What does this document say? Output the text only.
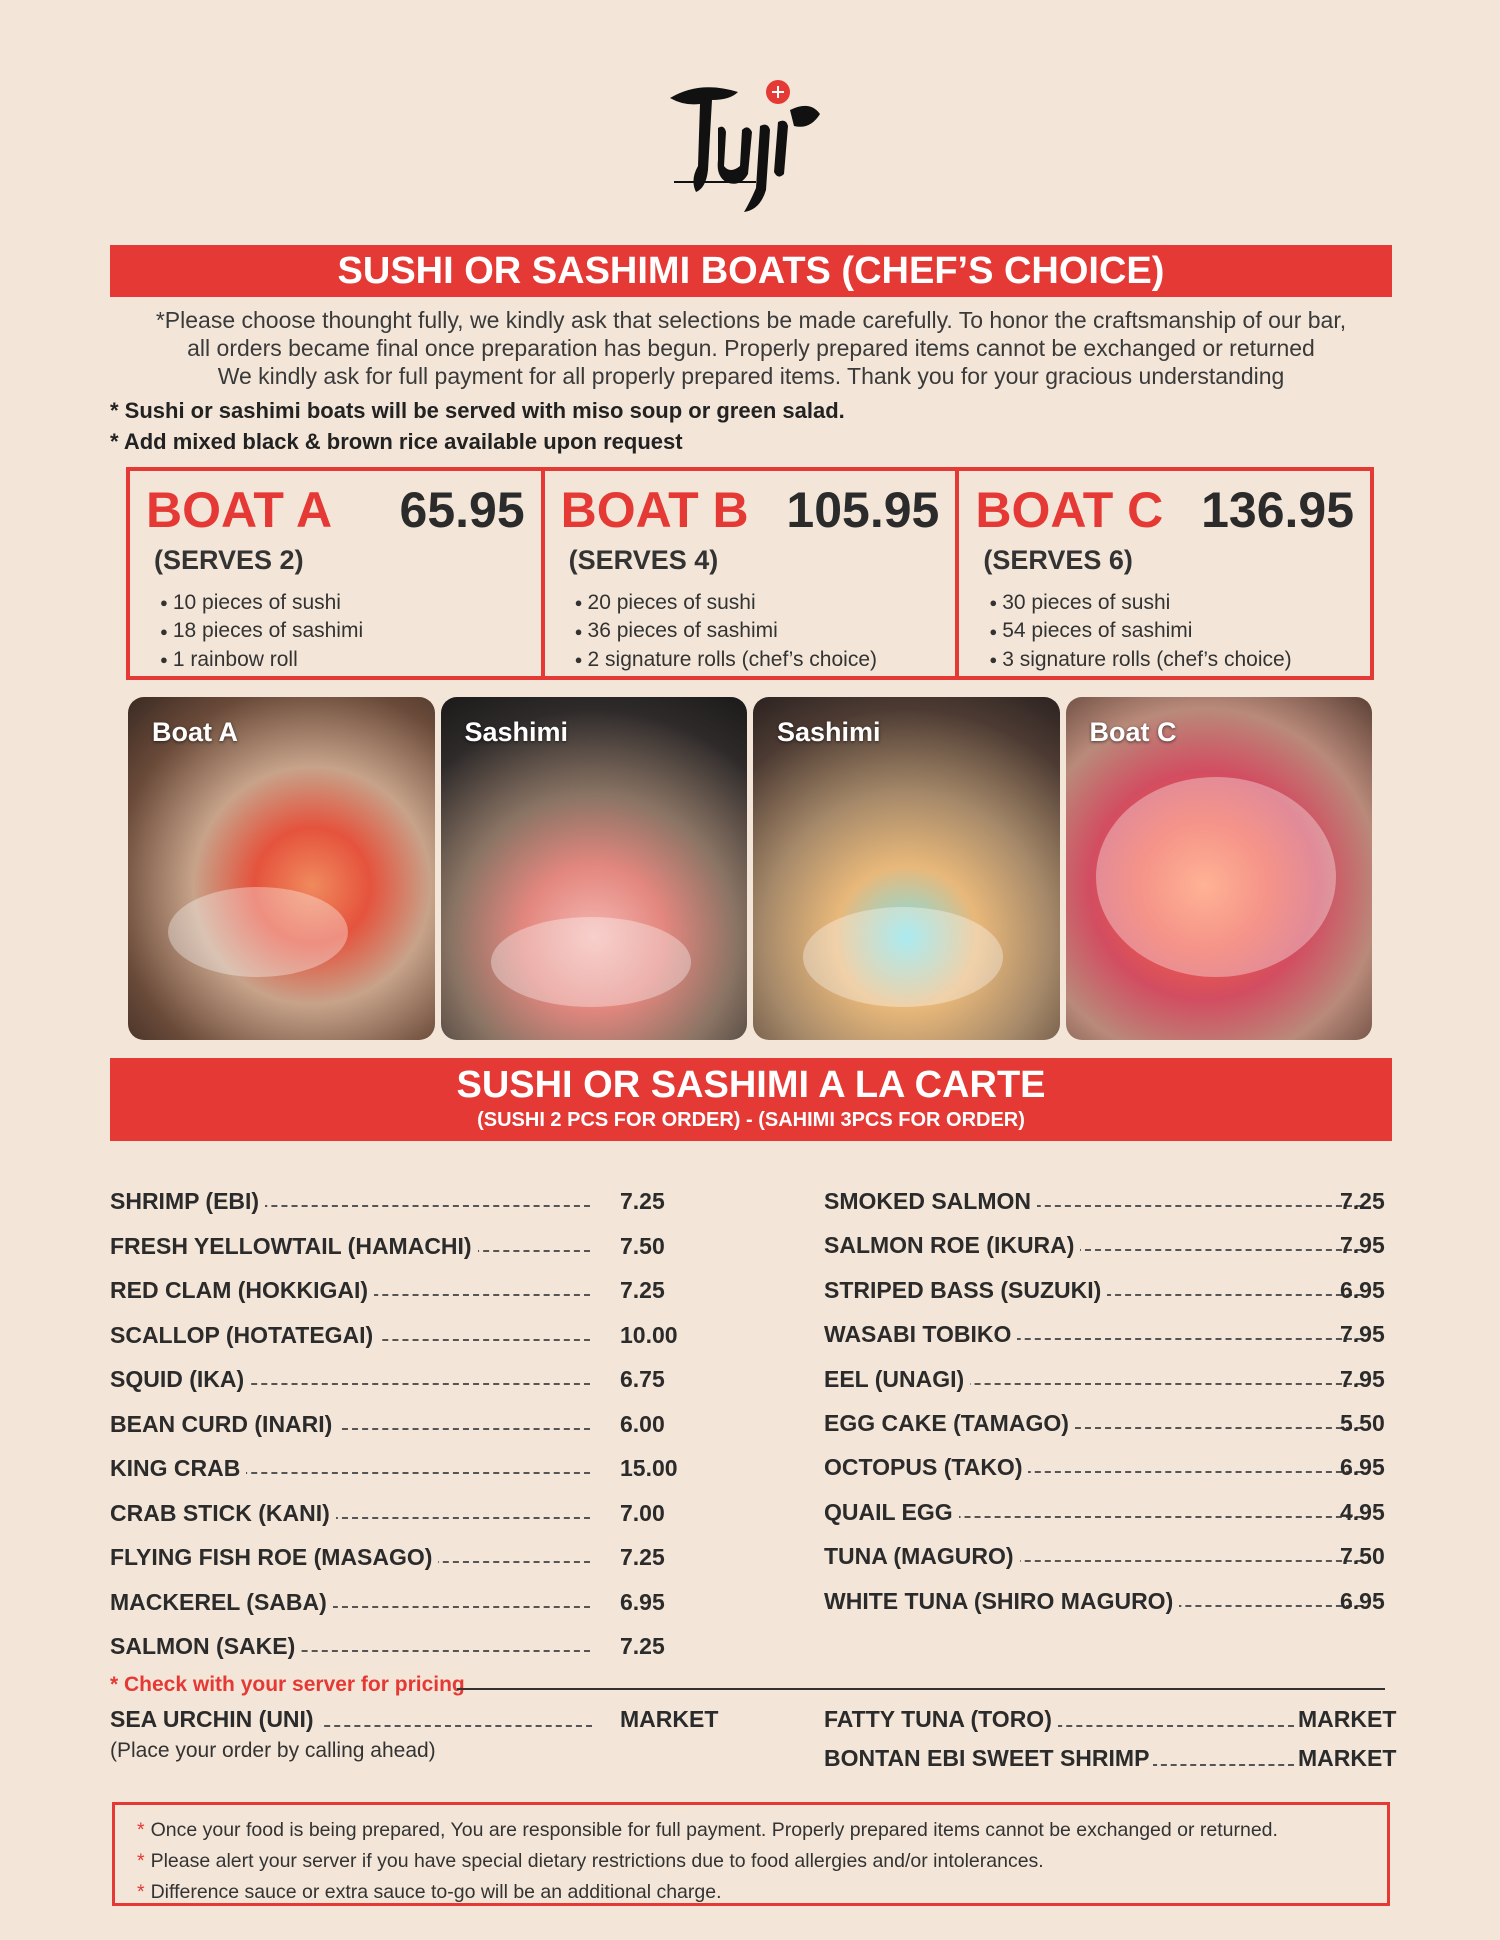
SUSHI OR SASHIMI BOATS (CHEF’S CHOICE)
*Please choose thounght fully, we kindly ask that selections be made carefully. To honor the craftsmanship of our bar,
all orders became final once preparation has begun. Properly prepared items cannot be exchanged or returned
We kindly ask for full payment for all properly prepared items. Thank you for your gracious understanding
* Sushi or sashimi boats will be served with miso soup or green salad.
* Add mixed black & brown rice available upon request
BOAT A 65.95
(SERVES 2)
● 10 pieces of sushi
● 18 pieces of sashimi
● 1 rainbow roll
BOAT B 105.95
(SERVES 4)
● 20 pieces of sushi
● 36 pieces of sashimi
● 2 signature rolls (chef’s choice)
BOAT C 136.95
(SERVES 6)
● 30 pieces of sushi
● 54 pieces of sashimi
● 3 signature rolls (chef’s choice)
Boat A	Sashimi	Sashimi	Boat C
SUSHI OR SASHIMI A LA CARTE
(SUSHI 2 PCS FOR ORDER) - (SAHIMI 3PCS FOR ORDER)
SHRIMP (EBI)	7.25
FRESH YELLOWTAIL (HAMACHI)	7.50
RED CLAM (HOKKIGAI)	7.25
SCALLOP (HOTATEGAI)	10.00
SQUID (IKA)	6.75
BEAN CURD (INARI)	6.00
KING CRAB	15.00
CRAB STICK (KANI)	7.00
FLYING FISH ROE (MASAGO)	7.25
MACKEREL (SABA)	6.95
SALMON (SAKE)	7.25
SMOKED SALMON	7.25
SALMON ROE (IKURA)	7.95
STRIPED BASS (SUZUKI)	6.95
WASABI TOBIKO	7.95
EEL (UNAGI)	7.95
EGG CAKE (TAMAGO)	5.50
OCTOPUS (TAKO)	6.95
QUAIL EGG	4.95
TUNA (MAGURO)	7.50
WHITE TUNA (SHIRO MAGURO)	6.95
* Check with your server for pricing
SEA URCHIN (UNI)	MARKET
(Place your order by calling ahead)
FATTY TUNA (TORO)	MARKET
BONTAN EBI SWEET SHRIMP	MARKET
* Once your food is being prepared, You are responsible for full payment. Properly prepared items cannot be exchanged or returned.
* Please alert your server if you have special dietary restrictions due to food allergies and/or intolerances.
* Difference sauce or extra sauce to-go will be an additional charge.
